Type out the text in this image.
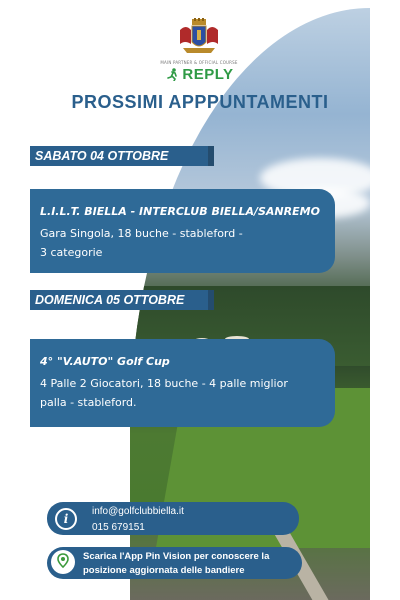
MAIN PARTNER & OFFICIAL COURSE
REPLY
PROSSIMI APPPUNTAMENTI
SABATO 04 OTTOBRE
L.I.L.T. BIELLA - INTERCLUB BIELLA/SANREMO
Gara Singola, 18 buche - stableford -
3 categorie
DOMENICA 05 OTTOBRE
4° "V.AUTO" Golf Cup
4 Palle 2 Giocatori, 18 buche - 4 palle miglior
palla - stableford.
i
info@golfclubbiella.it
015 679151
Scarica l'App Pin Vision per conoscere la
posizione aggiornata delle bandiere
